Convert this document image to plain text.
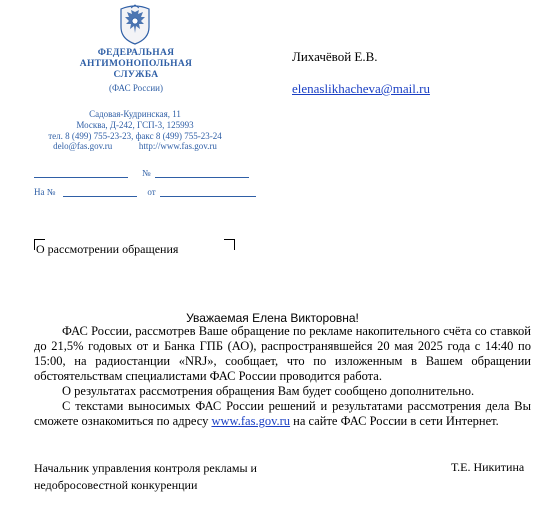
ФЕДЕРАЛЬНАЯ
АНТИМОНОПОЛЬНАЯ
СЛУЖБА
(ФАС России)
Садовая-Кудринская, 11
Москва, Д-242, ГСП-3, 125993
тел. 8 (499) 755-23-23, факс 8 (499) 755-23-24
delo@fas.gov.ru	http://www.fas.gov.ru
№
На №	от
Лихачёвой Е.В.
elenaslikhacheva@mail.ru
О рассмотрении обращения
Уважаемая Елена Викторовна!

ФАС России, рассмотрев Ваше обращение по рекламе накопительного счёта со ставкой до 21,5% годовых от и Банка ГПБ (АО), распространявшейся 20 мая 2025 года с 14:40 по 15:00, на радиостанции «NRJ», сообщает, что по изложенным в Вашем обращении обстоятельствам специалистами ФАС России проводится работа.

О результатах рассмотрения обращения Вам будет сообщено дополнительно.

С текстами выносимых ФАС России решений и результатами рассмотрения дела Вы сможете ознакомиться по адресу www.fas.gov.ru на сайте ФАС России в сети Интернет.

Начальник управления контроля рекламы и
недобросовестной конкуренции
Т.Е. Никитина
